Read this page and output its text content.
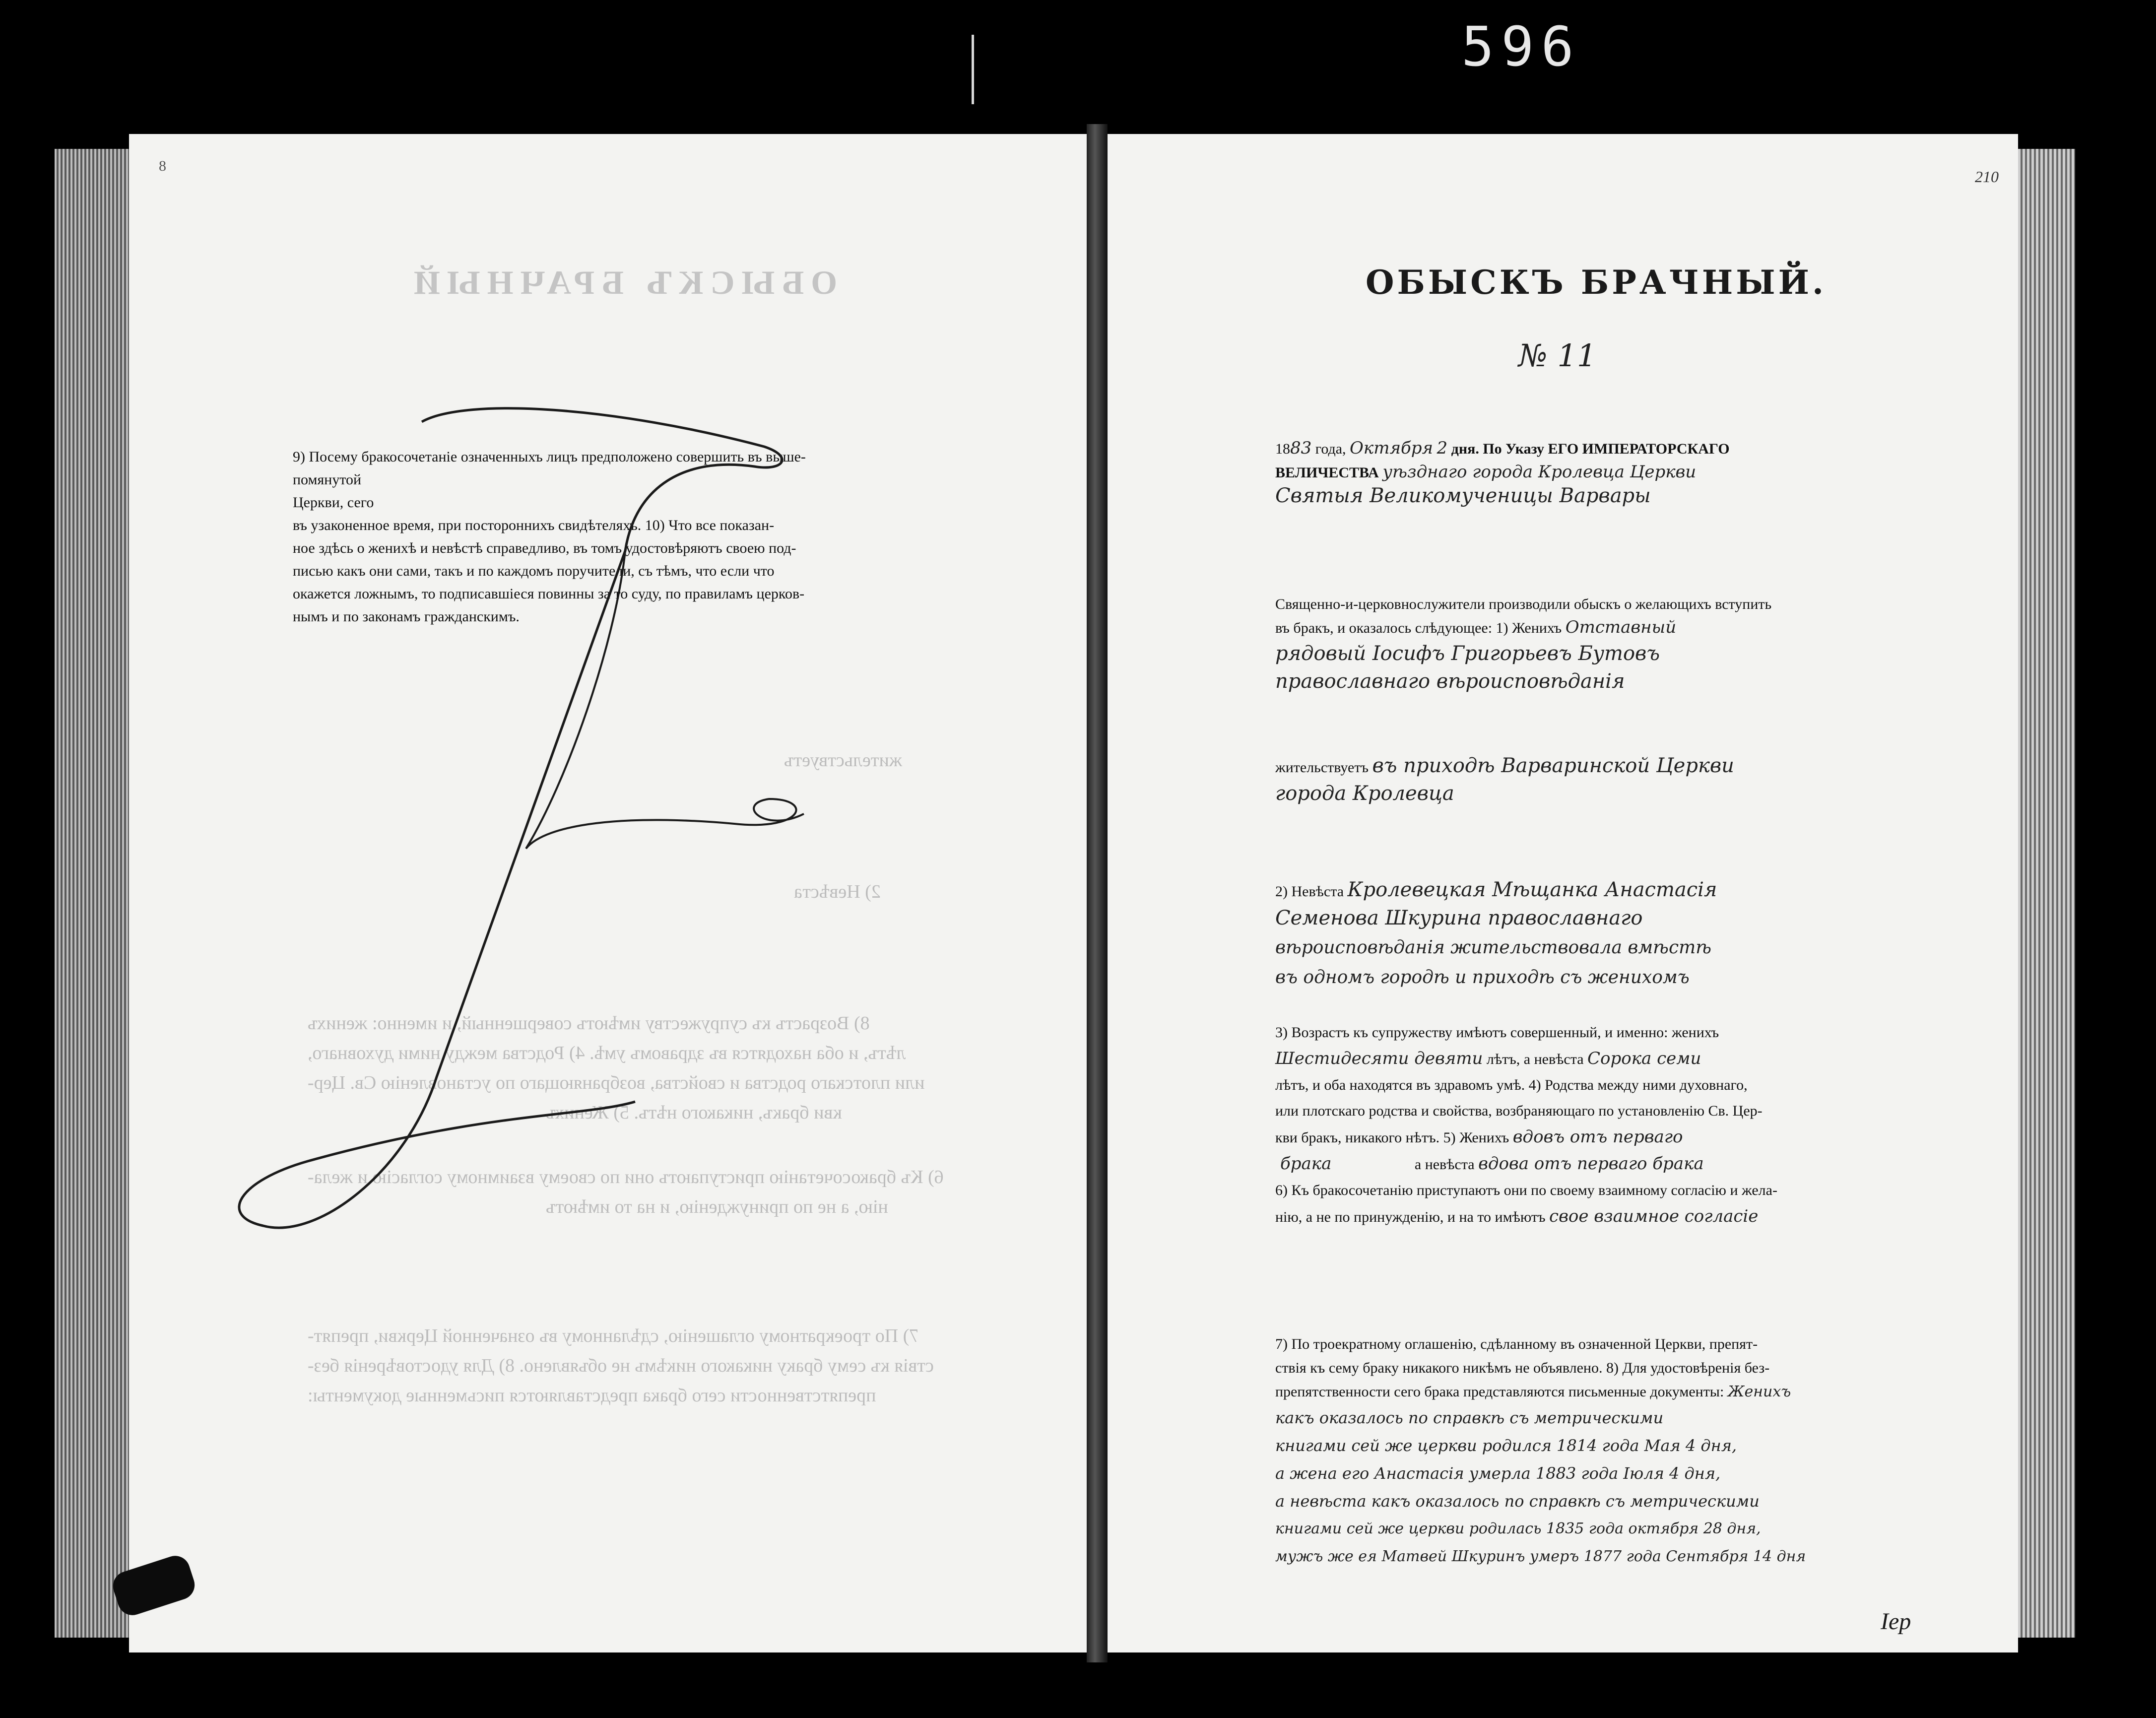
596
8
ОБЫСКЪ БРАЧНЫЙ
8) Возрастъ къ супружеству имѣютъ совершенный, и именно: женихъ
лѣтъ, и оба находятся въ здравомъ умѣ. 4) Родства между ними духовнаго,
или плотскаго родства и свойства, возбраняющаго по установленію Св. Цер-
кви бракъ, никакого нѣтъ. 5) Женихъ
6) Къ бракосочетанію приступаютъ они по своему взаимному согласію и жела-
нію, а не по принужденію, и на то имѣютъ
7) По троекратному оглашенію, сдѣланному въ означенной Церкви, препят-
ствія къ сему браку никакого никѣмъ не объявлено. 8) Для удостовѣренія без-
препятственности сего брака представляются письменные документы:
жительствуетъ
2) Невѣста
9) Посему бракосочетаніе означенныхъ лицъ предположено совершить въ выше-
помянутой
Церкви, сего
въ узаконенное время, при постороннихъ свидѣтеляхъ. 10) Что все показан-
ное здѣсь о женихѣ и невѣстѣ справедливо, въ томъ удостовѣряютъ своею под-
писью какъ они сами, такъ и по каждомъ поручители, съ тѣмъ, что если что
окажется ложнымъ, то подписавшіеся повинны за то суду, по правиламъ церков-
нымъ и по законамъ гражданскимъ.
210
ОБЫСКЪ БРАЧНЫЙ.
№ 11
1883 года, Октября 2 дня. По Указу ЕГО ИМПЕРАТОРСКАГО
ВЕЛИЧЕСТВА уѣзднаго города Кролевца Церкви
Святыя Великомученицы Варвары
Священно-и-церковнослужители производили обыскъ о желающихъ вступить
въ бракъ, и оказалось слѣдующее: 1) Женихъ Отставный
рядовый Іосифъ Григорьевъ Бутовъ
православнаго вѣроисповѣданія
жительствуетъ въ приходѣ Варваринской Церкви
города Кролевца
2) Невѣста Кролевецкая Мѣщанка Анастасія
Семенова Шкурина православнаго
вѣроисповѣданія жительствовала вмѣстѣ
въ одномъ городѣ и приходѣ съ женихомъ
3) Возрастъ къ супружеству имѣютъ совершенный, и именно: женихъ
Шестидесяти девяти лѣтъ, а невѣста Сорока семи
лѣтъ, и оба находятся въ здравомъ умѣ. 4) Родства между ними духовнаго,
или плотскаго родства и свойства, возбраняющаго по установленію Св. Цер-
кви бракъ, никакого нѣтъ. 5) Женихъ вдовъ отъ перваго
брака	а невѣста вдова отъ перваго брака
6) Къ бракосочетанію приступаютъ они по своему взаимному согласію и жела-
нію, а не по принужденію, и на то имѣютъ свое взаимное согласіе
7) По троекратному оглашенію, сдѣланному въ означенной Церкви, препят-
ствія къ сему браку никакого никѣмъ не объявлено. 8) Для удостовѣренія без-
препятственности сего брака представляются письменные документы: Женихъ
какъ оказалось по справкѣ съ метрическими
книгами сей же церкви родился 1814 года Мая 4 дня,
а жена его Анастасія умерла 1883 года Іюля 4 дня,
а невѣста какъ оказалось по справкѣ съ метрическими
книгами сей же церкви родилась 1835 года октября 28 дня,
мужъ же ея Матвей Шкуринъ умеръ 1877 года Сентября 14 дня
Іер
